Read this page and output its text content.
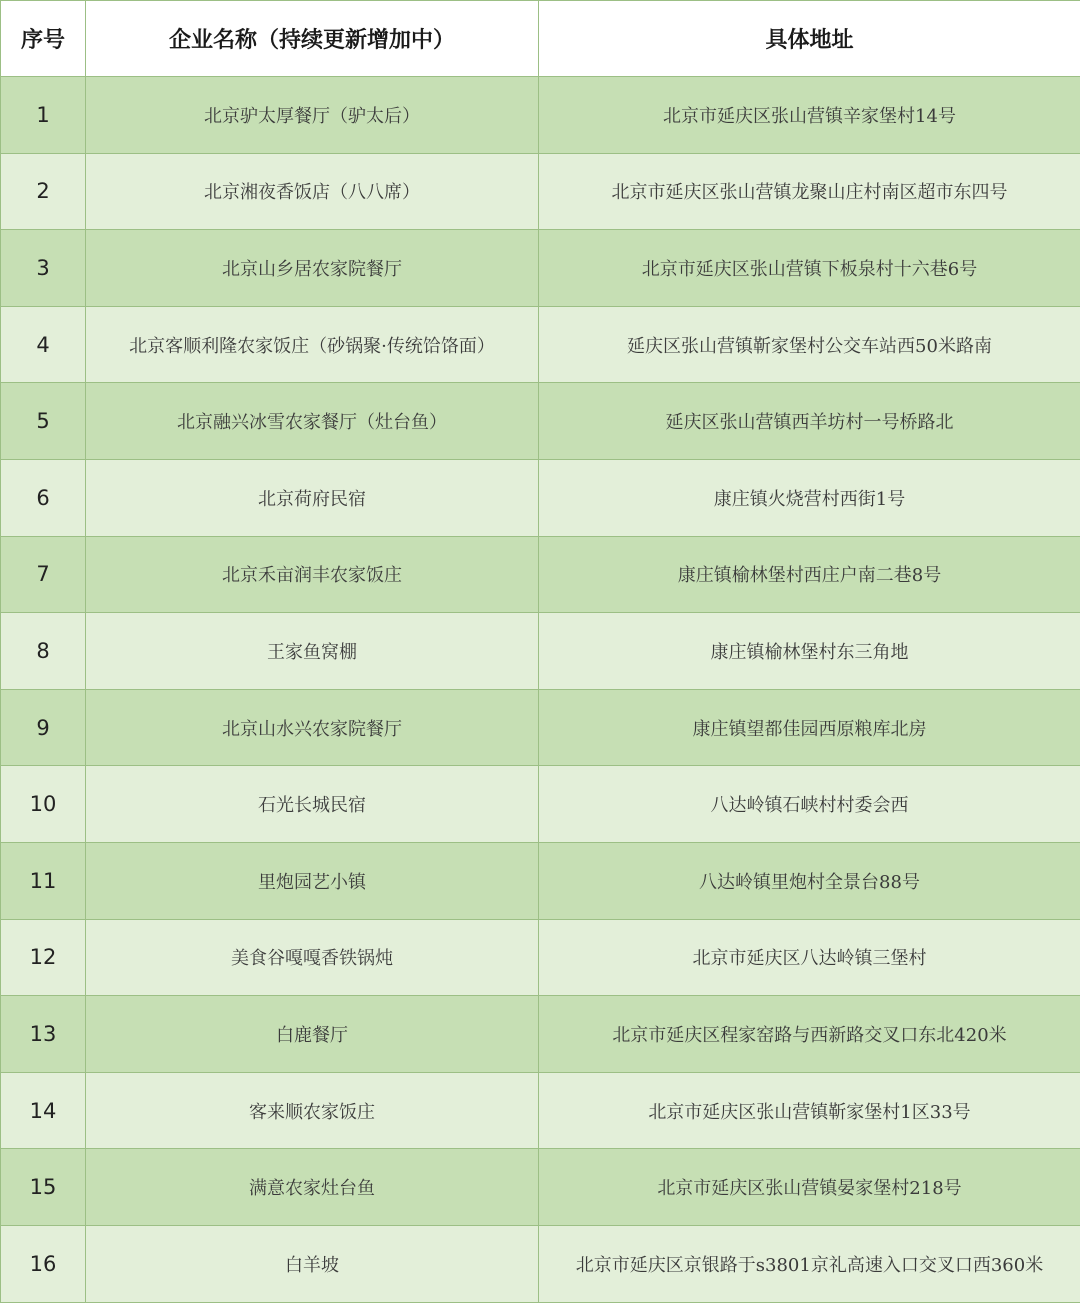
序号	企业名称（持续更新增加中）	具体地址
1	北京驴太厚餐厅（驴太后）	北京市延庆区张山营镇辛家堡村14号
2	北京湘夜香饭店（八八席）	北京市延庆区张山营镇龙聚山庄村南区超市东四号
3	北京山乡居农家院餐厅	北京市延庆区张山营镇下板泉村十六巷6号
4	北京客顺利隆农家饭庄（砂锅聚·传统饸饹面）	延庆区张山营镇靳家堡村公交车站西50米路南
5	北京融兴冰雪农家餐厅（灶台鱼）	延庆区张山营镇西羊坊村一号桥路北
6	北京荷府民宿	康庄镇火烧营村西街1号
7	北京禾亩润丰农家饭庄	康庄镇榆林堡村西庄户南二巷8号
8	王家鱼窝棚	康庄镇榆林堡村东三角地
9	北京山水兴农家院餐厅	康庄镇望都佳园西原粮库北房
10	石光长城民宿	八达岭镇石峡村村委会西
11	里炮园艺小镇	八达岭镇里炮村全景台88号
12	美食谷嘎嘎香铁锅炖	北京市延庆区八达岭镇三堡村
13	白鹿餐厅	北京市延庆区程家窑路与西新路交叉口东北420米
14	客来顺农家饭庄	北京市延庆区张山营镇靳家堡村1区33号
15	满意农家灶台鱼	北京市延庆区张山营镇晏家堡村218号
16	白羊坡	北京市延庆区京银路于s3801京礼高速入口交叉口西360米
